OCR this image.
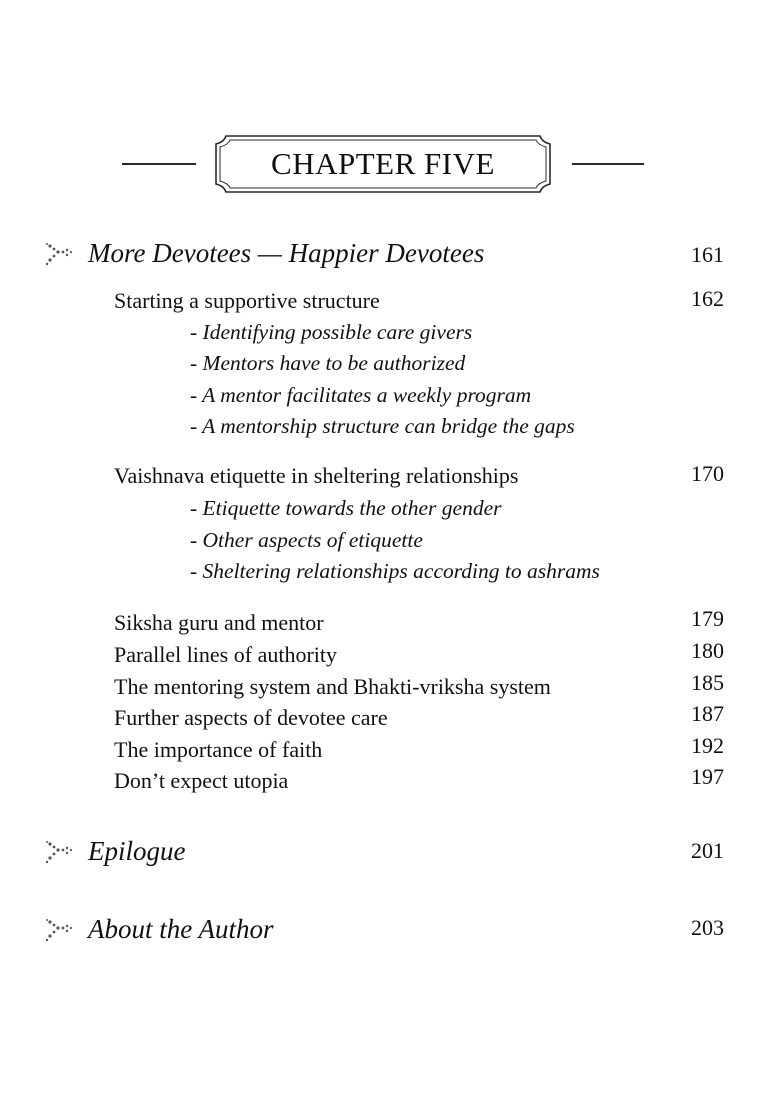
CHAPTER FIVE
More Devotees — Happier Devotees	161
Starting a supportive structure	162
- Identifying possible care givers
- Mentors have to be authorized
- A mentor facilitates a weekly program
- A mentorship structure can bridge the gaps
Vaishnava etiquette in sheltering relationships	170
- Etiquette towards the other gender
- Other aspects of etiquette
- Sheltering relationships according to ashrams
Siksha guru and mentor	179
Parallel lines of authority	180
The mentoring system and Bhakti-vriksha system	185
Further aspects of devotee care	187
The importance of faith	192
Don’t expect utopia	197
Epilogue	201
About the Author	203
